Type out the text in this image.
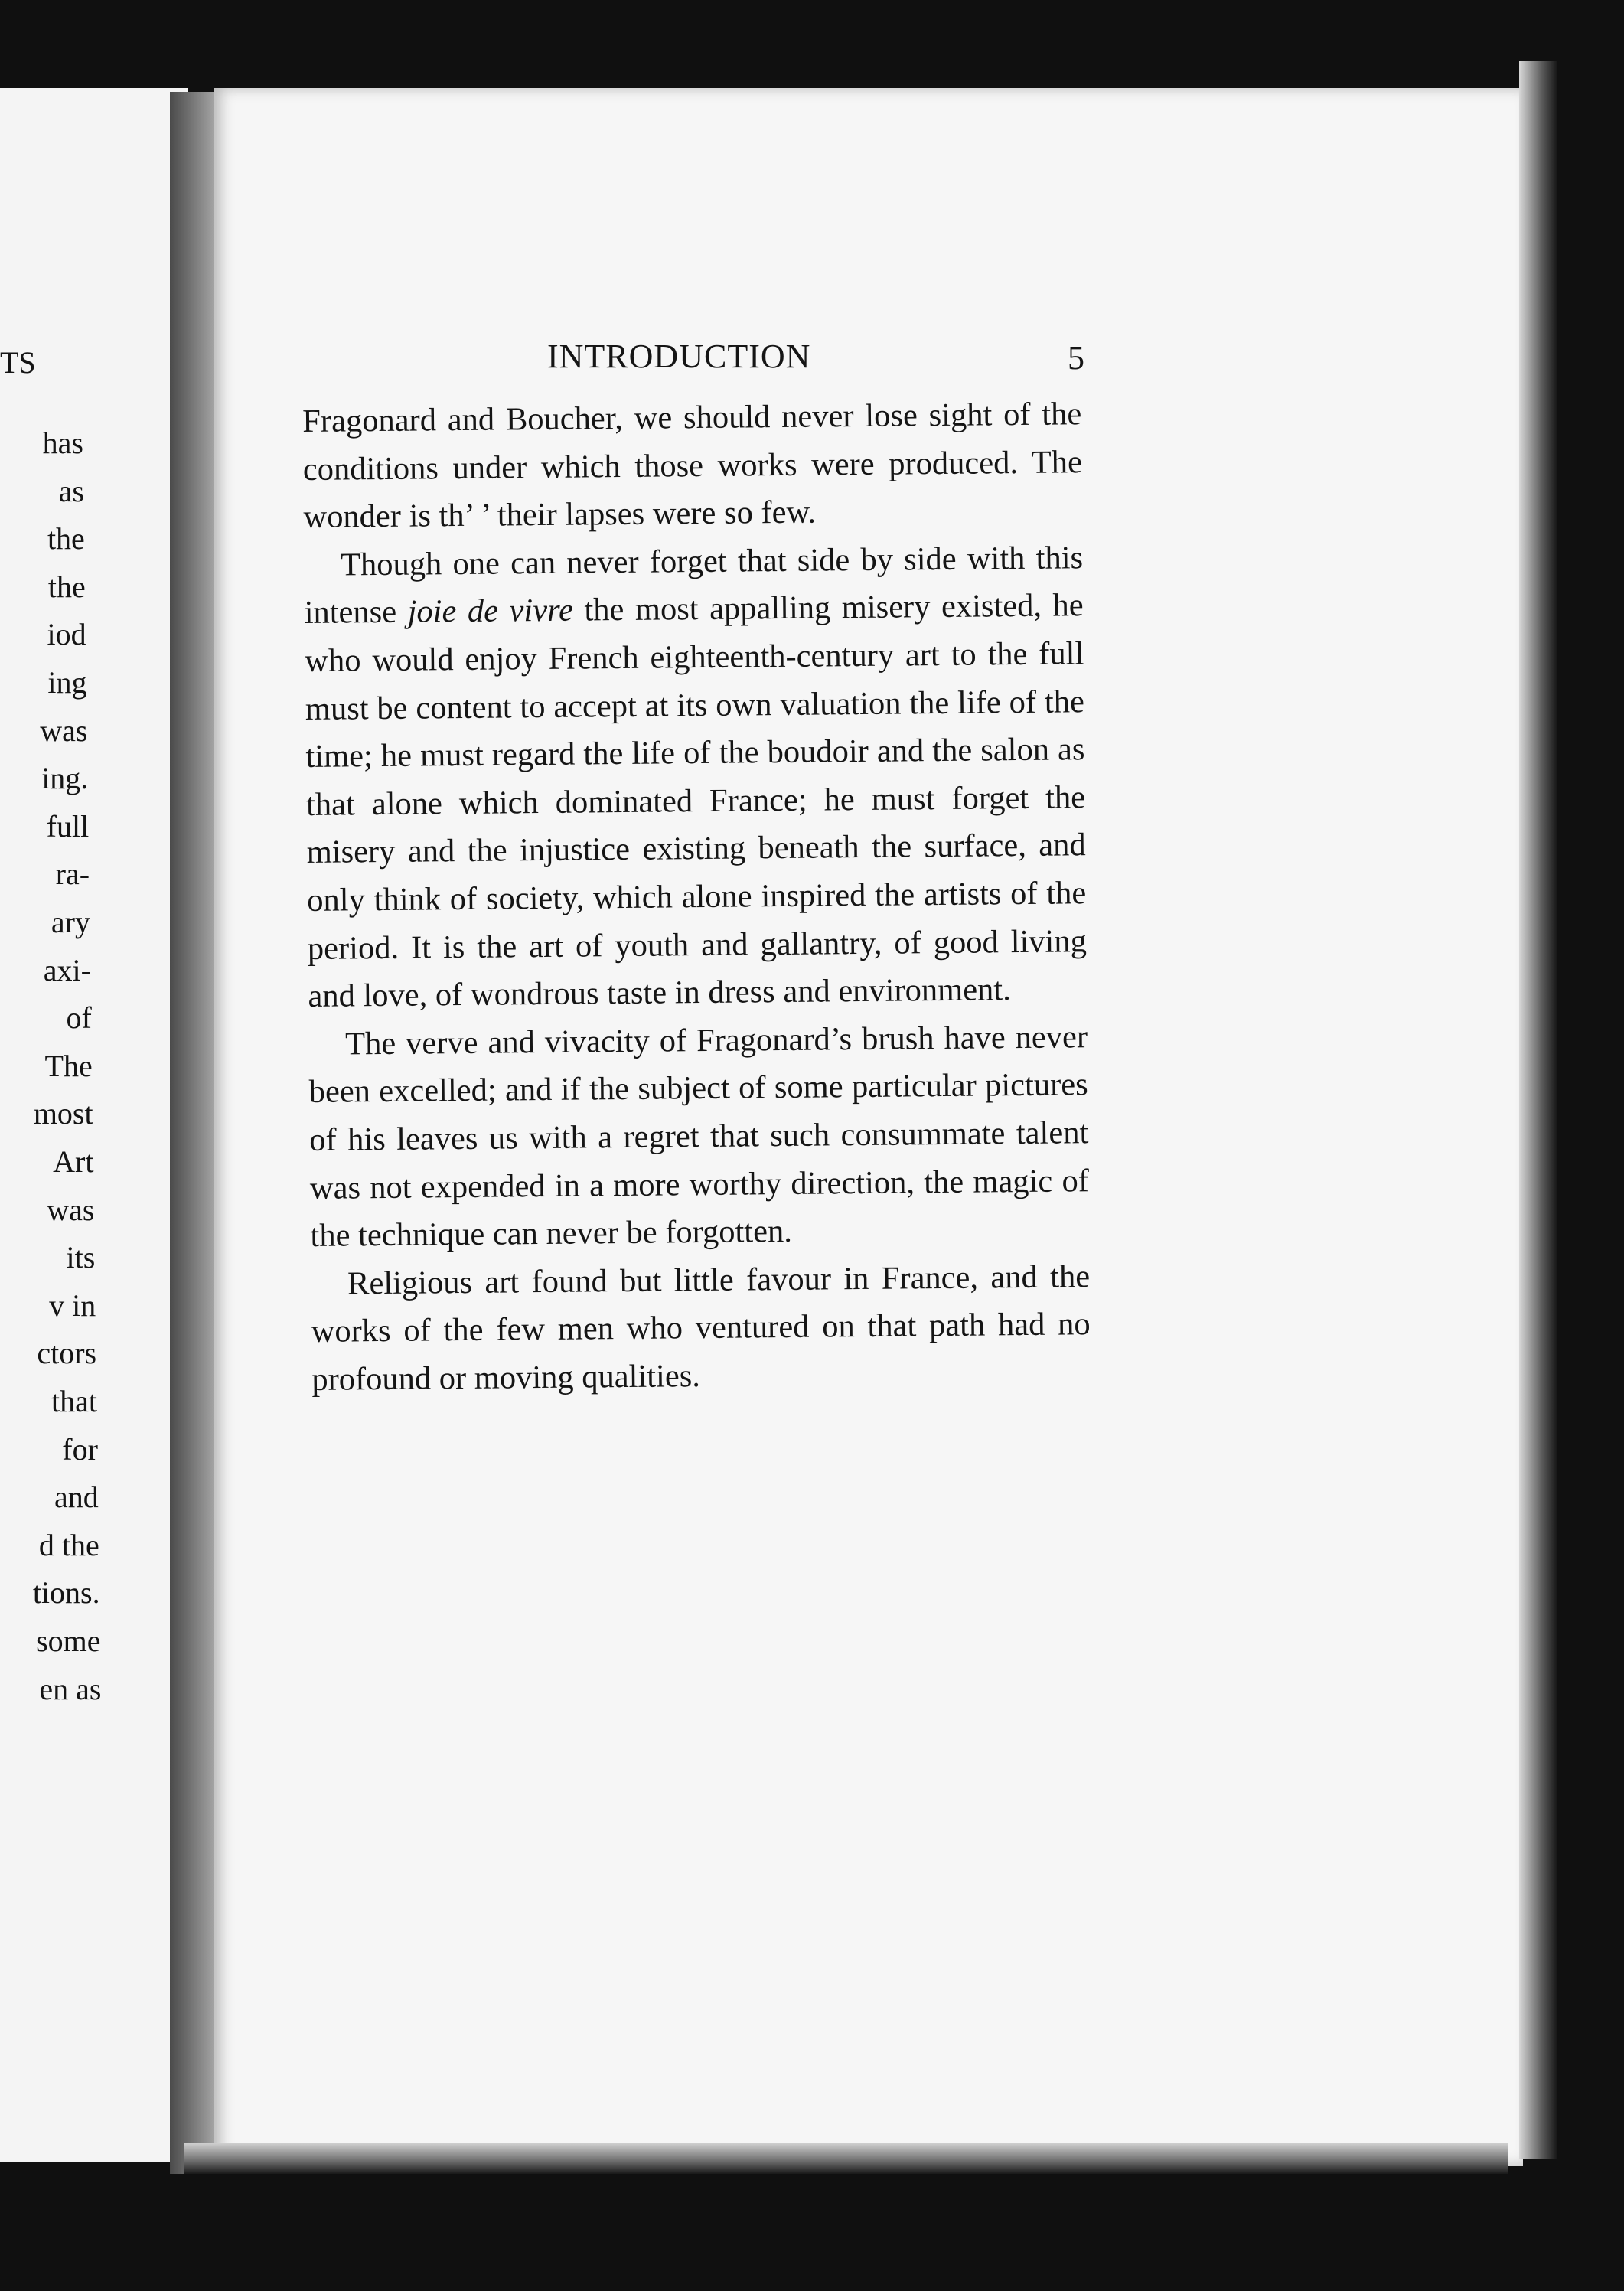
TS
has
as
the
the
iod
ing
was
ing.
full
ra-
ary
axi-
of
The
most
Art
was
its
v in
ctors
that
for
and
d the
tions.
some
en as
INTRODUCTION	5

Fragonard and Boucher, we should never lose sight of the conditions under which those works were produced. The wonder is th’ ’ their lapses were so few.

Though one can never forget that side by side with this intense joie de vivre the most appalling misery existed, he who would enjoy French eighteenth-century art to the full must be content to accept at its own valuation the life of the time; he must regard the life of the boudoir and the salon as that alone which dominated France; he must forget the misery and the injustice existing beneath the surface, and only think of society, which alone inspired the artists of the period. It is the art of youth and gallantry, of good living and love, of wondrous taste in dress and environment.

The verve and vivacity of Fragonard’s brush have never been excelled; and if the subject of some particular pictures of his leaves us with a regret that such consummate talent was not expended in a more worthy direction, the magic of the technique can never be forgotten.

Religious art found but little favour in France, and the works of the few men who ventured on that path had no profound or moving qualities.
